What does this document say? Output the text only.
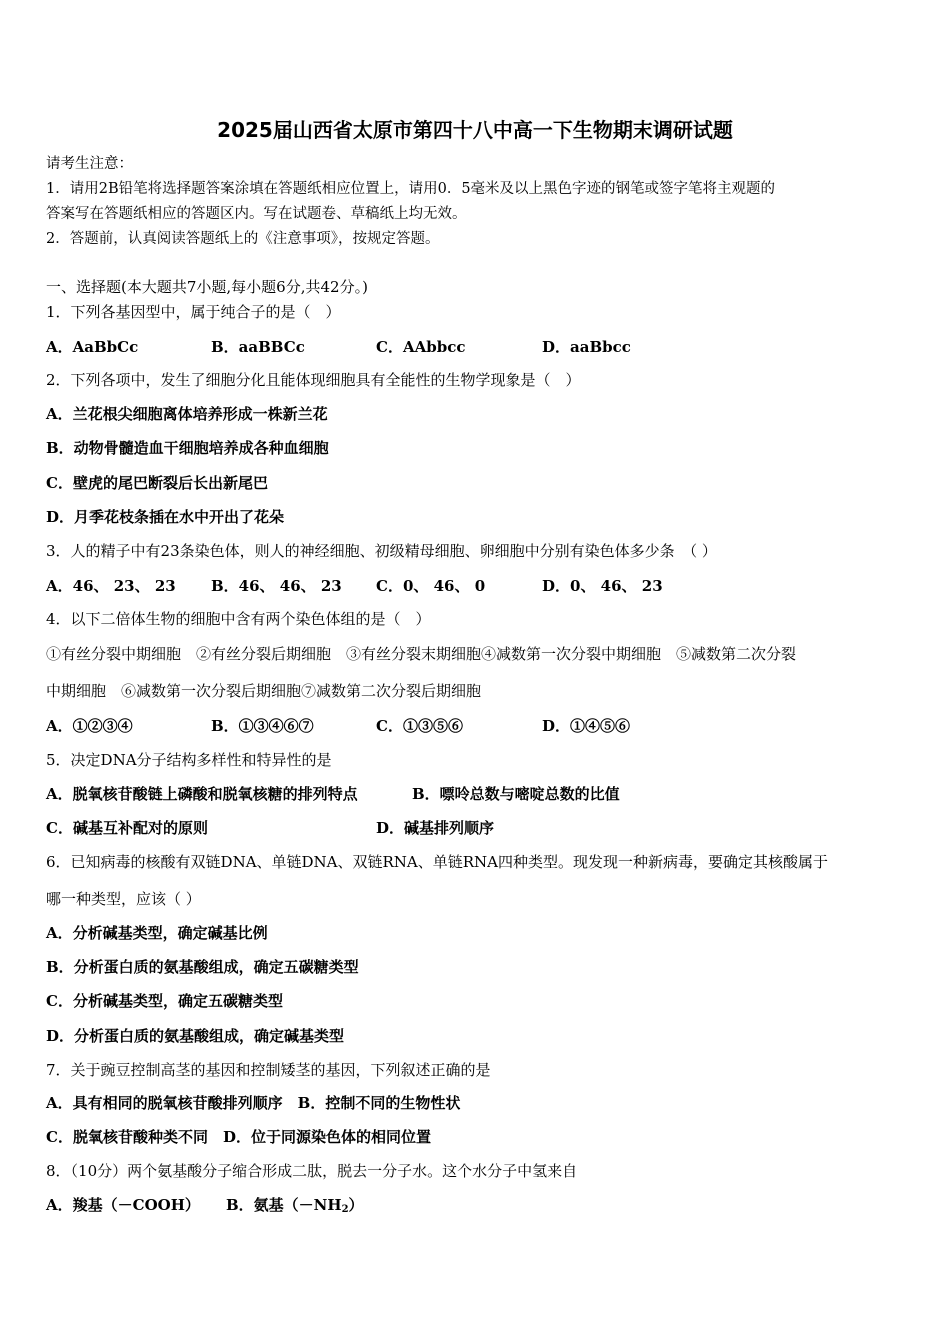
2025届山西省太原市第四十八中高一下生物期末调研试题
请考生注意：
1．请用2B铅笔将选择题答案涂填在答题纸相应位置上，请用0．5毫米及以上黑色字迹的钢笔或签字笔将主观题的
答案写在答题纸相应的答题区内。写在试题卷、草稿纸上均无效。
2．答题前，认真阅读答题纸上的《注意事项》，按规定答题。
一、选择题(本大题共7小题,每小题6分,共42分。)
1．下列各基因型中，属于纯合子的是（　）
A．AaBbCc	B．aaBBCc	C．AAbbcc	D．aaBbcc
2．下列各项中，发生了细胞分化且能体现细胞具有全能性的生物学现象是（　）
A．兰花根尖细胞离体培养形成一株新兰花
B．动物骨髓造血干细胞培养成各种血细胞
C．壁虎的尾巴断裂后长出新尾巴
D．月季花枝条插在水中开出了花朵
3．人的精子中有23条染色体，则人的神经细胞、初级精母细胞、卵细胞中分别有染色体多少条　（ ）
A．46、 23、 23 B．46、 46、 23 C．0、 46、 0	D．0、 46、 23
4．以下二倍体生物的细胞中含有两个染色体组的是（　）
①有丝分裂中期细胞　②有丝分裂后期细胞　③有丝分裂末期细胞④减数第一次分裂中期细胞　⑤减数第二次分裂
中期细胞　⑥减数第一次分裂后期细胞⑦减数第二次分裂后期细胞
A．①②③④	B．①③④⑥⑦	C．①③⑤⑥	D．①④⑤⑥
5．决定DNA分子结构多样性和特异性的是
A．脱氧核苷酸链上磷酸和脱氧核糖的排列特点	B．嘌呤总数与嘧啶总数的比值
C．碱基互补配对的原则	D．碱基排列顺序
6．已知病毒的核酸有双链DNA、单链DNA、双链RNA、单链RNA四种类型。现发现一种新病毒，要确定其核酸属于
哪一种类型，应该（ ）
A．分析碱基类型，确定碱基比例
B．分析蛋白质的氨基酸组成，确定五碳糖类型
C．分析碱基类型，确定五碳糖类型
D．分析蛋白质的氨基酸组成，确定碱基类型
7．关于豌豆控制高茎的基因和控制矮茎的基因，下列叙述正确的是
A．具有相同的脱氧核苷酸排列顺序　B．控制不同的生物性状
C．脱氧核苷酸种类不同　D．位于同源染色体的相同位置
8．（10分）两个氨基酸分子缩合形成二肽，脱去一分子水。这个水分子中氢来自
A．羧基（－COOH） B．氨基$(-NH_2)$
